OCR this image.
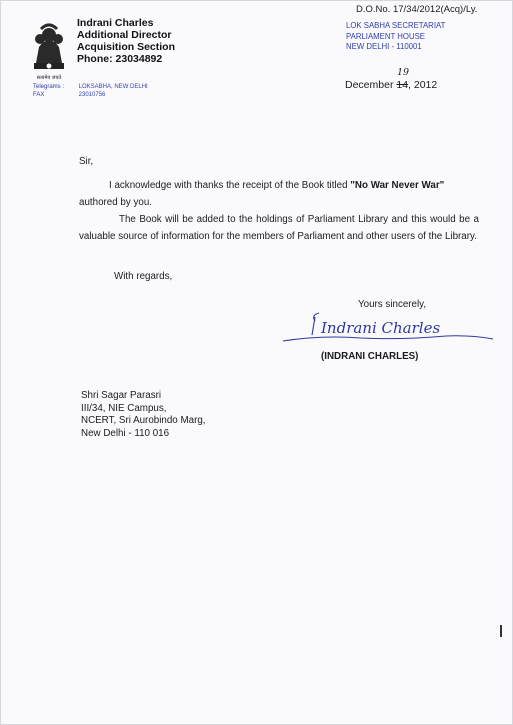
सत्यमेव जयते
Indrani Charles
Additional Director
Acquisition Section
Phone: 23034892
Telegrams : LOKSABHA, NEW DELHI
FAX	23010756
D.O.No. 17/34/2012(Acq)/Ly.
LOK SABHA SECRETARIAT
PARLIAMENT HOUSE
NEW DELHI - 110001
December 14, 2012
19
Sir,
I acknowledge with thanks the receipt of the Book titled "No War Never War"
authored by you.
The Book will be added to the holdings of Parliament Library and this would be a valuable source of information for the members of Parliament and other users of the Library.
With regards,
Yours sincerely,
Indrani Charles
(INDRANI CHARLES)
Shri Sagar Parasri
III/34, NIE Campus,
NCERT, Sri Aurobindo Marg,
New Delhi - 110 016
